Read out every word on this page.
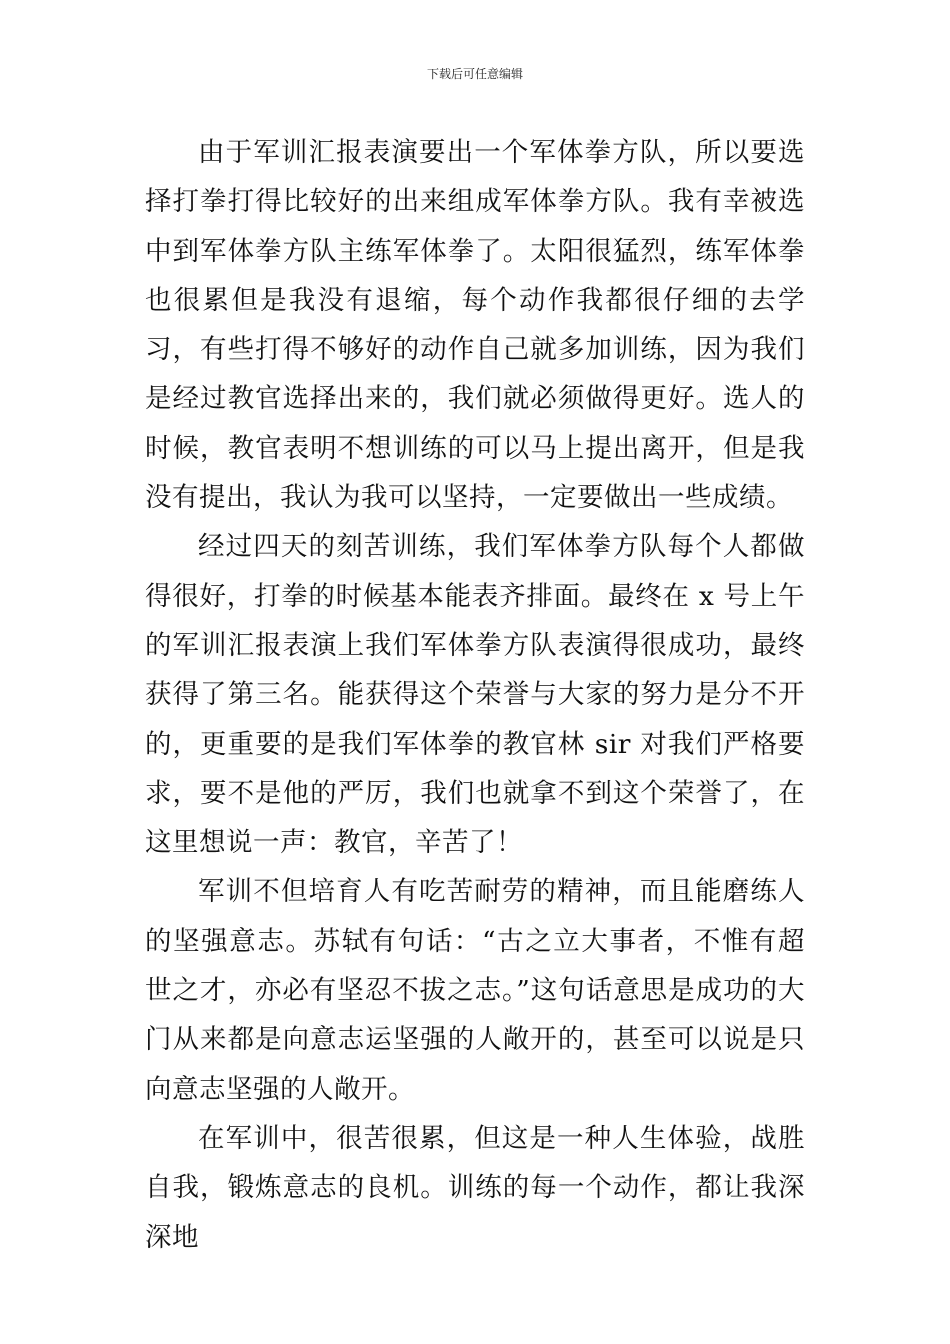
下载后可任意编辑

由于军训汇报表演要出一个军体拳方队，所以要选择打拳打得比较好的出来组成军体拳方队。我有幸被选中到军体拳方队主练军体拳了。太阳很猛烈，练军体拳也很累但是我没有退缩，每个动作我都很仔细的去学习，有些打得不够好的动作自己就多加训练，因为我们是经过教官选择出来的，我们就必须做得更好。选人的时候，教官表明不想训练的可以马上提出离开，但是我没有提出，我认为我可以坚持，一定要做出一些成绩。

经过四天的刻苦训练，我们军体拳方队每个人都做得很好，打拳的时候基本能表齐排面。最终在 x 号上午的军训汇报表演上我们军体拳方队表演得很成功，最终获得了第三名。能获得这个荣誉与大家的努力是分不开的，更重要的是我们军体拳的教官林 sir 对我们严格要求，要不是他的严厉，我们也就拿不到这个荣誉了，在这里想说一声：教官，辛苦了！

军训不但培育人有吃苦耐劳的精神，而且能磨练人的坚强意志。苏轼有句话：“古之立大事者，不惟有超世之才，亦必有坚忍不拔之志。”这句话意思是成功的大门从来都是向意志运坚强的人敞开的，甚至可以说是只向意志坚强的人敞开。

在军训中，很苦很累，但这是一种人生体验，战胜自我，锻炼意志的良机。训练的每一个动作，都让我深深地
